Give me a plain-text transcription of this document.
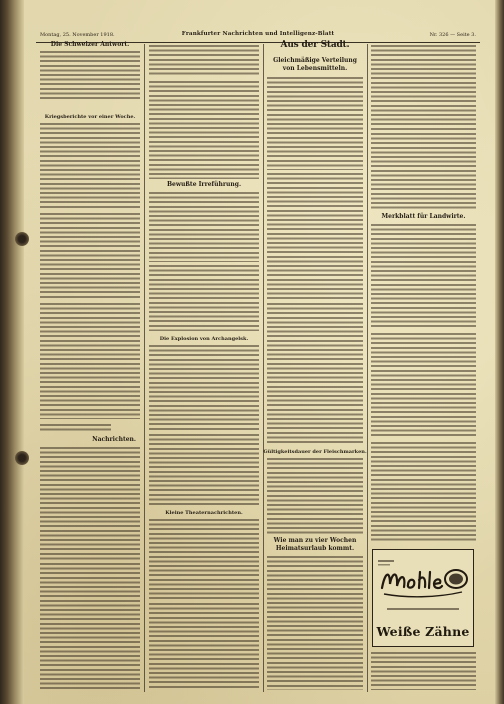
Montag, 25. November 1918.	Frankfurter Nachrichten und Intelligenz-Blatt	Nr. 326 — Seite 3.
Die Schweizer Antwort.
Kriegsberichte vor einer Woche.
Nachrichten.
Bewußte Irreführung.
Die Explosion von Archangelsk.
Kleine Theaternachrichten.
Aus der Stadt.
Gleichmäßige Verteilung
von Lebensmitteln.
Gültigkeitsdauer der Fleischmarken.
Wie man zu vier Wochen
Heimatsurlaub kommt.
Merkblatt für Landwirte.
Weiße Zähne
